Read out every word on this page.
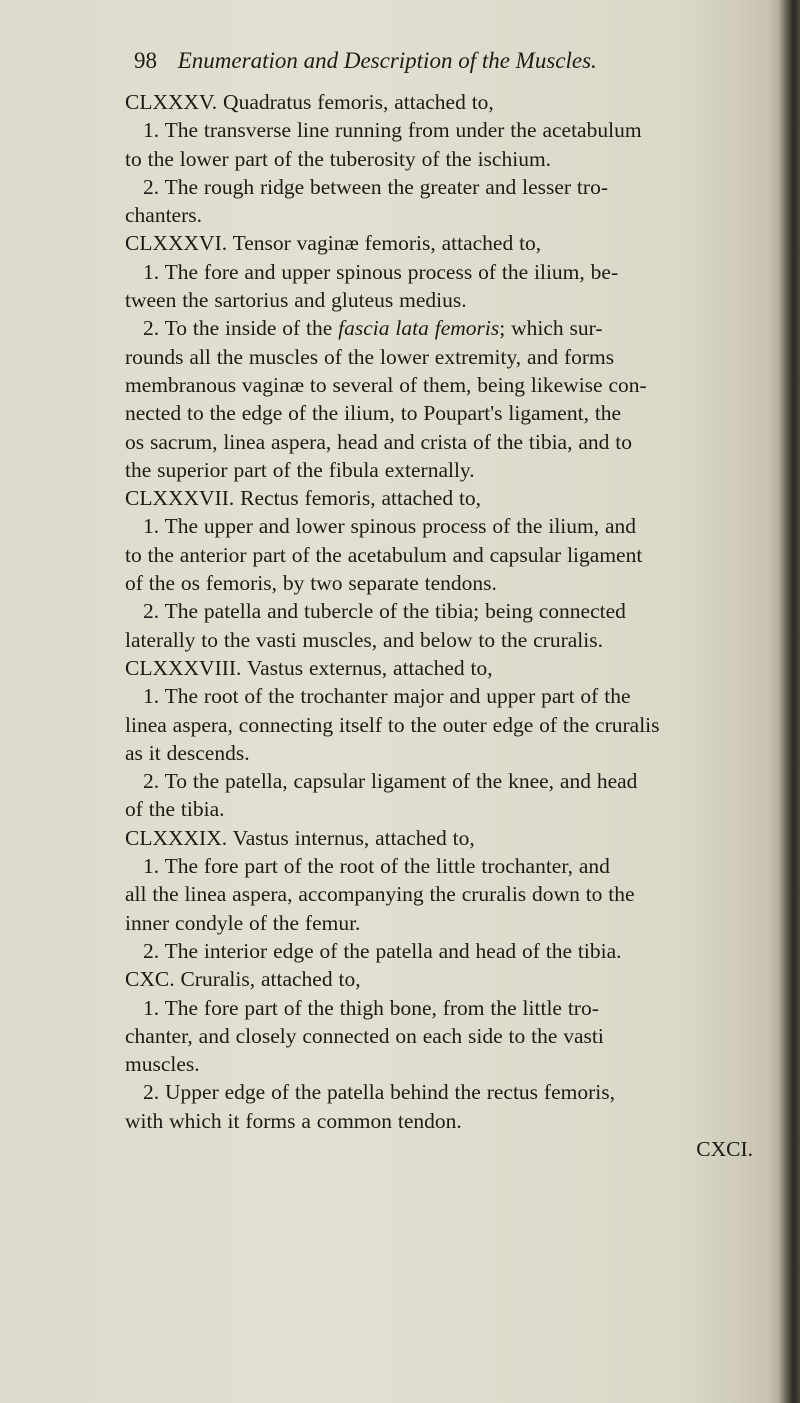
98 Enumeration and Description of the Muscles.
CLXXXV. Quadratus femoris, attached to,
1. The transverse line running from under the acetabulum
to the lower part of the tuberosity of the ischium.
2. The rough ridge between the greater and lesser tro-
chanters.
CLXXXVI. Tensor vaginæ femoris, attached to,
1. The fore and upper spinous process of the ilium, be-
tween the sartorius and gluteus medius.
2. To the inside of the fascia lata femoris; which sur-
rounds all the muscles of the lower extremity, and forms
membranous vaginæ to several of them, being likewise con-
nected to the edge of the ilium, to Poupart's ligament, the
os sacrum, linea aspera, head and crista of the tibia, and to
the superior part of the fibula externally.
CLXXXVII. Rectus femoris, attached to,
1. The upper and lower spinous process of the ilium, and
to the anterior part of the acetabulum and capsular ligament
of the os femoris, by two separate tendons.
2. The patella and tubercle of the tibia; being connected
laterally to the vasti muscles, and below to the cruralis.
CLXXXVIII. Vastus externus, attached to,
1. The root of the trochanter major and upper part of the
linea aspera, connecting itself to the outer edge of the cruralis
as it descends.
2. To the patella, capsular ligament of the knee, and head
of the tibia.
CLXXXIX. Vastus internus, attached to,
1. The fore part of the root of the little trochanter, and
all the linea aspera, accompanying the cruralis down to the
inner condyle of the femur.
2. The interior edge of the patella and head of the tibia.
CXC. Cruralis, attached to,
1. The fore part of the thigh bone, from the little tro-
chanter, and closely connected on each side to the vasti
muscles.
2. Upper edge of the patella behind the rectus femoris,
with which it forms a common tendon.
CXCI.
